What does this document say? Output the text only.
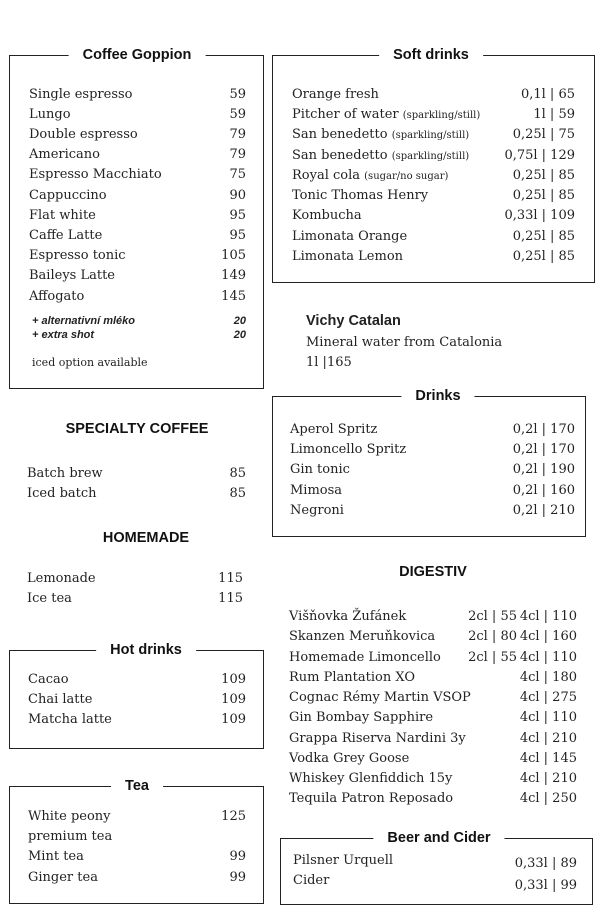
Coffee Goppion
Single espresso	59
Lungo	59
Double espresso	79
Americano	79
Espresso Macchiato	75
Cappuccino	90
Flat white	95
Caffe Latte	95
Espresso tonic	105
Baileys Latte	149
Affogato	145
+ alternativní mléko	20
+ extra shot	20
iced option available
SPECIALTY COFFEE
Batch brew	85
Iced batch	85
HOMEMADE
Lemonade	115
Ice tea	115
Hot drinks
Cacao	109
Chai latte	109
Matcha latte	109
Tea
White peony	125
premium tea
Mint tea	99
Ginger tea	99
Soft drinks
Orange fresh	0,1l | 65
Pitcher of water (sparkling/still)	1l | 59
San benedetto (sparkling/still)	0,25l | 75
San benedetto (sparkling/still)	0,75l | 129
Royal cola (sugar/no sugar)	0,25l | 85
Tonic Thomas Henry	0,25l | 85
Kombucha	0,33l | 109
Limonata Orange	0,25l | 85
Limonata Lemon	0,25l | 85
Vichy Catalan
Mineral water from Catalonia
1l |165
Drinks
Aperol Spritz	0,2l | 170
Limoncello Spritz	0,2l | 170
Gin tonic	0,2l | 190
Mimosa	0,2l | 160
Negroni	0,2l | 210
DIGESTIV
Višňovka Žufánek	2cl | 55 4cl | 110
Skanzen Meruňkovica	2cl | 80 4cl | 160
Homemade Limoncello 2cl | 55 4cl | 110
Rum Plantation XO	4cl | 180
Cognac Rémy Martin VSOP	4cl | 275
Gin Bombay Sapphire	4cl | 110
Grappa Riserva Nardini 3y	4cl | 210
Vodka Grey Goose	4cl | 145
Whiskey Glenfiddich 15y	4cl | 210
Tequila Patron Reposado	4cl | 250
Beer and Cider
Pilsner Urquell	0,33l | 89
Cider	0,33l | 99
